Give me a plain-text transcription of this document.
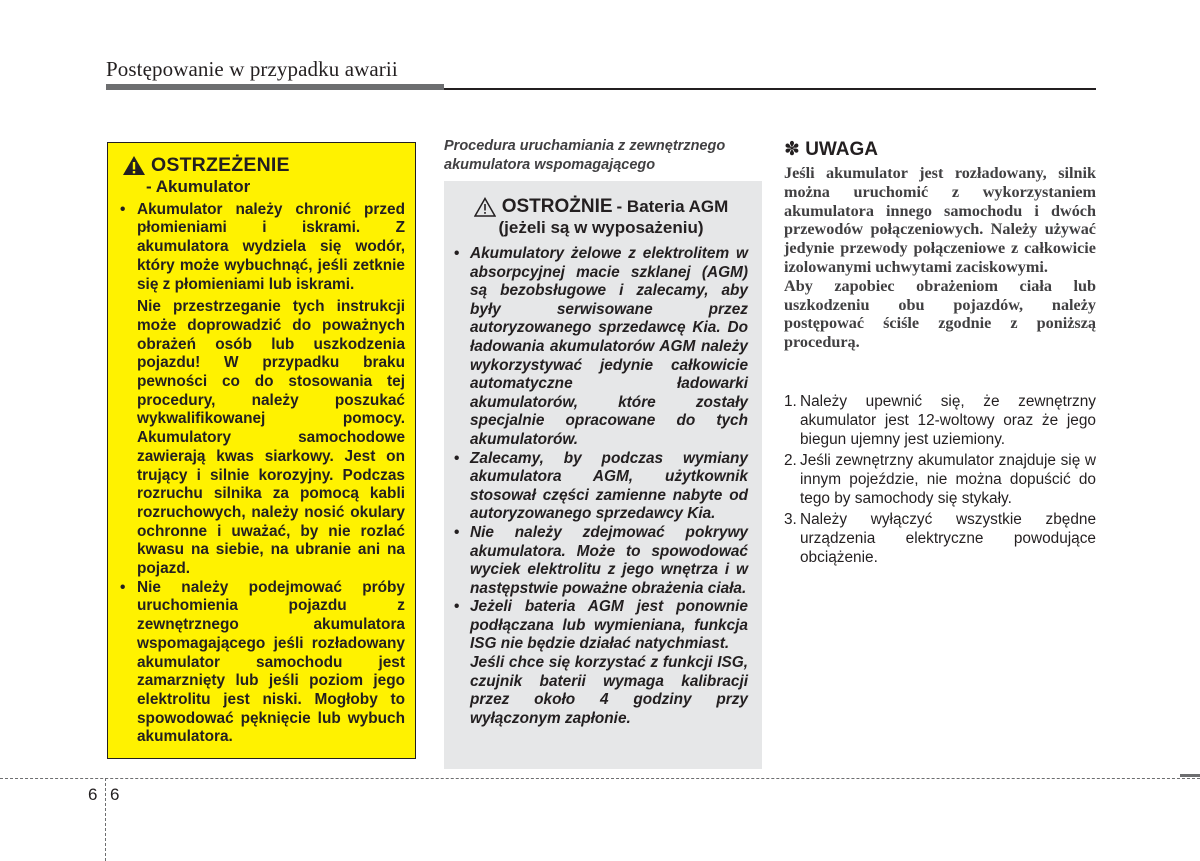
Postępowanie w przypadku awarii
OSTRZEŻENIE
- Akumulator
• Akumulator należy chronić przed płomieniami i iskrami. Z akumulatora wydziela się wodór, który może wybuchnąć, jeśli zetknie się z płomieniami lub iskrami.

Nie przestrzeganie tych instrukcji może doprowadzić do poważnych obrażeń osób lub uszkodzenia pojazdu! W przypadku braku pewności co do stosowania tej procedury, należy poszukać wykwalifikowanej pomocy. Akumulatory samochodowe zawierają kwas siarkowy. Jest on trujący i silnie korozyjny. Podczas rozruchu silnika za pomocą kabli rozruchowych, należy nosić okulary ochronne i uważać, by nie rozlać kwasu na siebie, na ubranie ani na pojazd.

• Nie należy podejmować próby uruchomienia pojazdu z zewnętrznego akumulatora wspomagającego jeśli rozładowany akumulator samochodu jest zamarznięty lub jeśli poziom jego elektrolitu jest niski. Mogłoby to spowodować pęknięcie lub wybuch akumulatora.

Procedura uruchamiania z zewnętrznego akumulatora wspomagającego
OSTROŻNIE - Bateria AGM
(jeżeli są w wyposażeniu)
• Akumulatory żelowe z elektrolitem w absorpcyjnej macie szklanej (AGM) są bezobsługowe i zalecamy, aby były serwisowane przez autoryzowanego sprzedawcę Kia. Do ładowania akumulatorów AGM należy wykorzystywać jedynie całkowicie automatyczne ładowarki akumulatorów, które zostały specjalnie opracowane do tych akumulatorów.

• Zalecamy, by podczas wymiany akumulatora AGM, użytkownik stosował części zamienne nabyte od autoryzowanego sprzedawcy Kia.

• Nie należy zdejmować pokrywy akumulatora. Może to spowodować wyciek elektrolitu z jego wnętrza i w następstwie poważne obrażenia ciała.

• Jeżeli bateria AGM jest ponownie podłączana lub wymieniana, funkcja ISG nie będzie działać natychmiast.

Jeśli chce się korzystać z funkcji ISG, czujnik baterii wymaga kalibracji przez około 4 godziny przy wyłączonym zapłonie.

✽ UWAGA

Jeśli akumulator jest rozładowany, silnik można uruchomić z wykorzystaniem akumulatora innego samochodu i dwóch przewodów połączeniowych. Należy używać jedynie przewody połączeniowe z całkowicie izolowanymi uchwytami zaciskowymi.

Aby zapobiec obrażeniom ciała lub uszkodzeniu obu pojazdów, należy postępować ściśle zgodnie z poniższą procedurą.

1. Należy upewnić się, że zewnętrzny akumulator jest 12-woltowy oraz że jego biegun ujemny jest uziemiony.
2. Jeśli zewnętrzny akumulator znajduje się w innym pojeździe, nie można dopuścić do tego by samochody się stykały.
3. Należy wyłączyć wszystkie zbędne urządzenia elektryczne powodujące obciążenie.
6 6
